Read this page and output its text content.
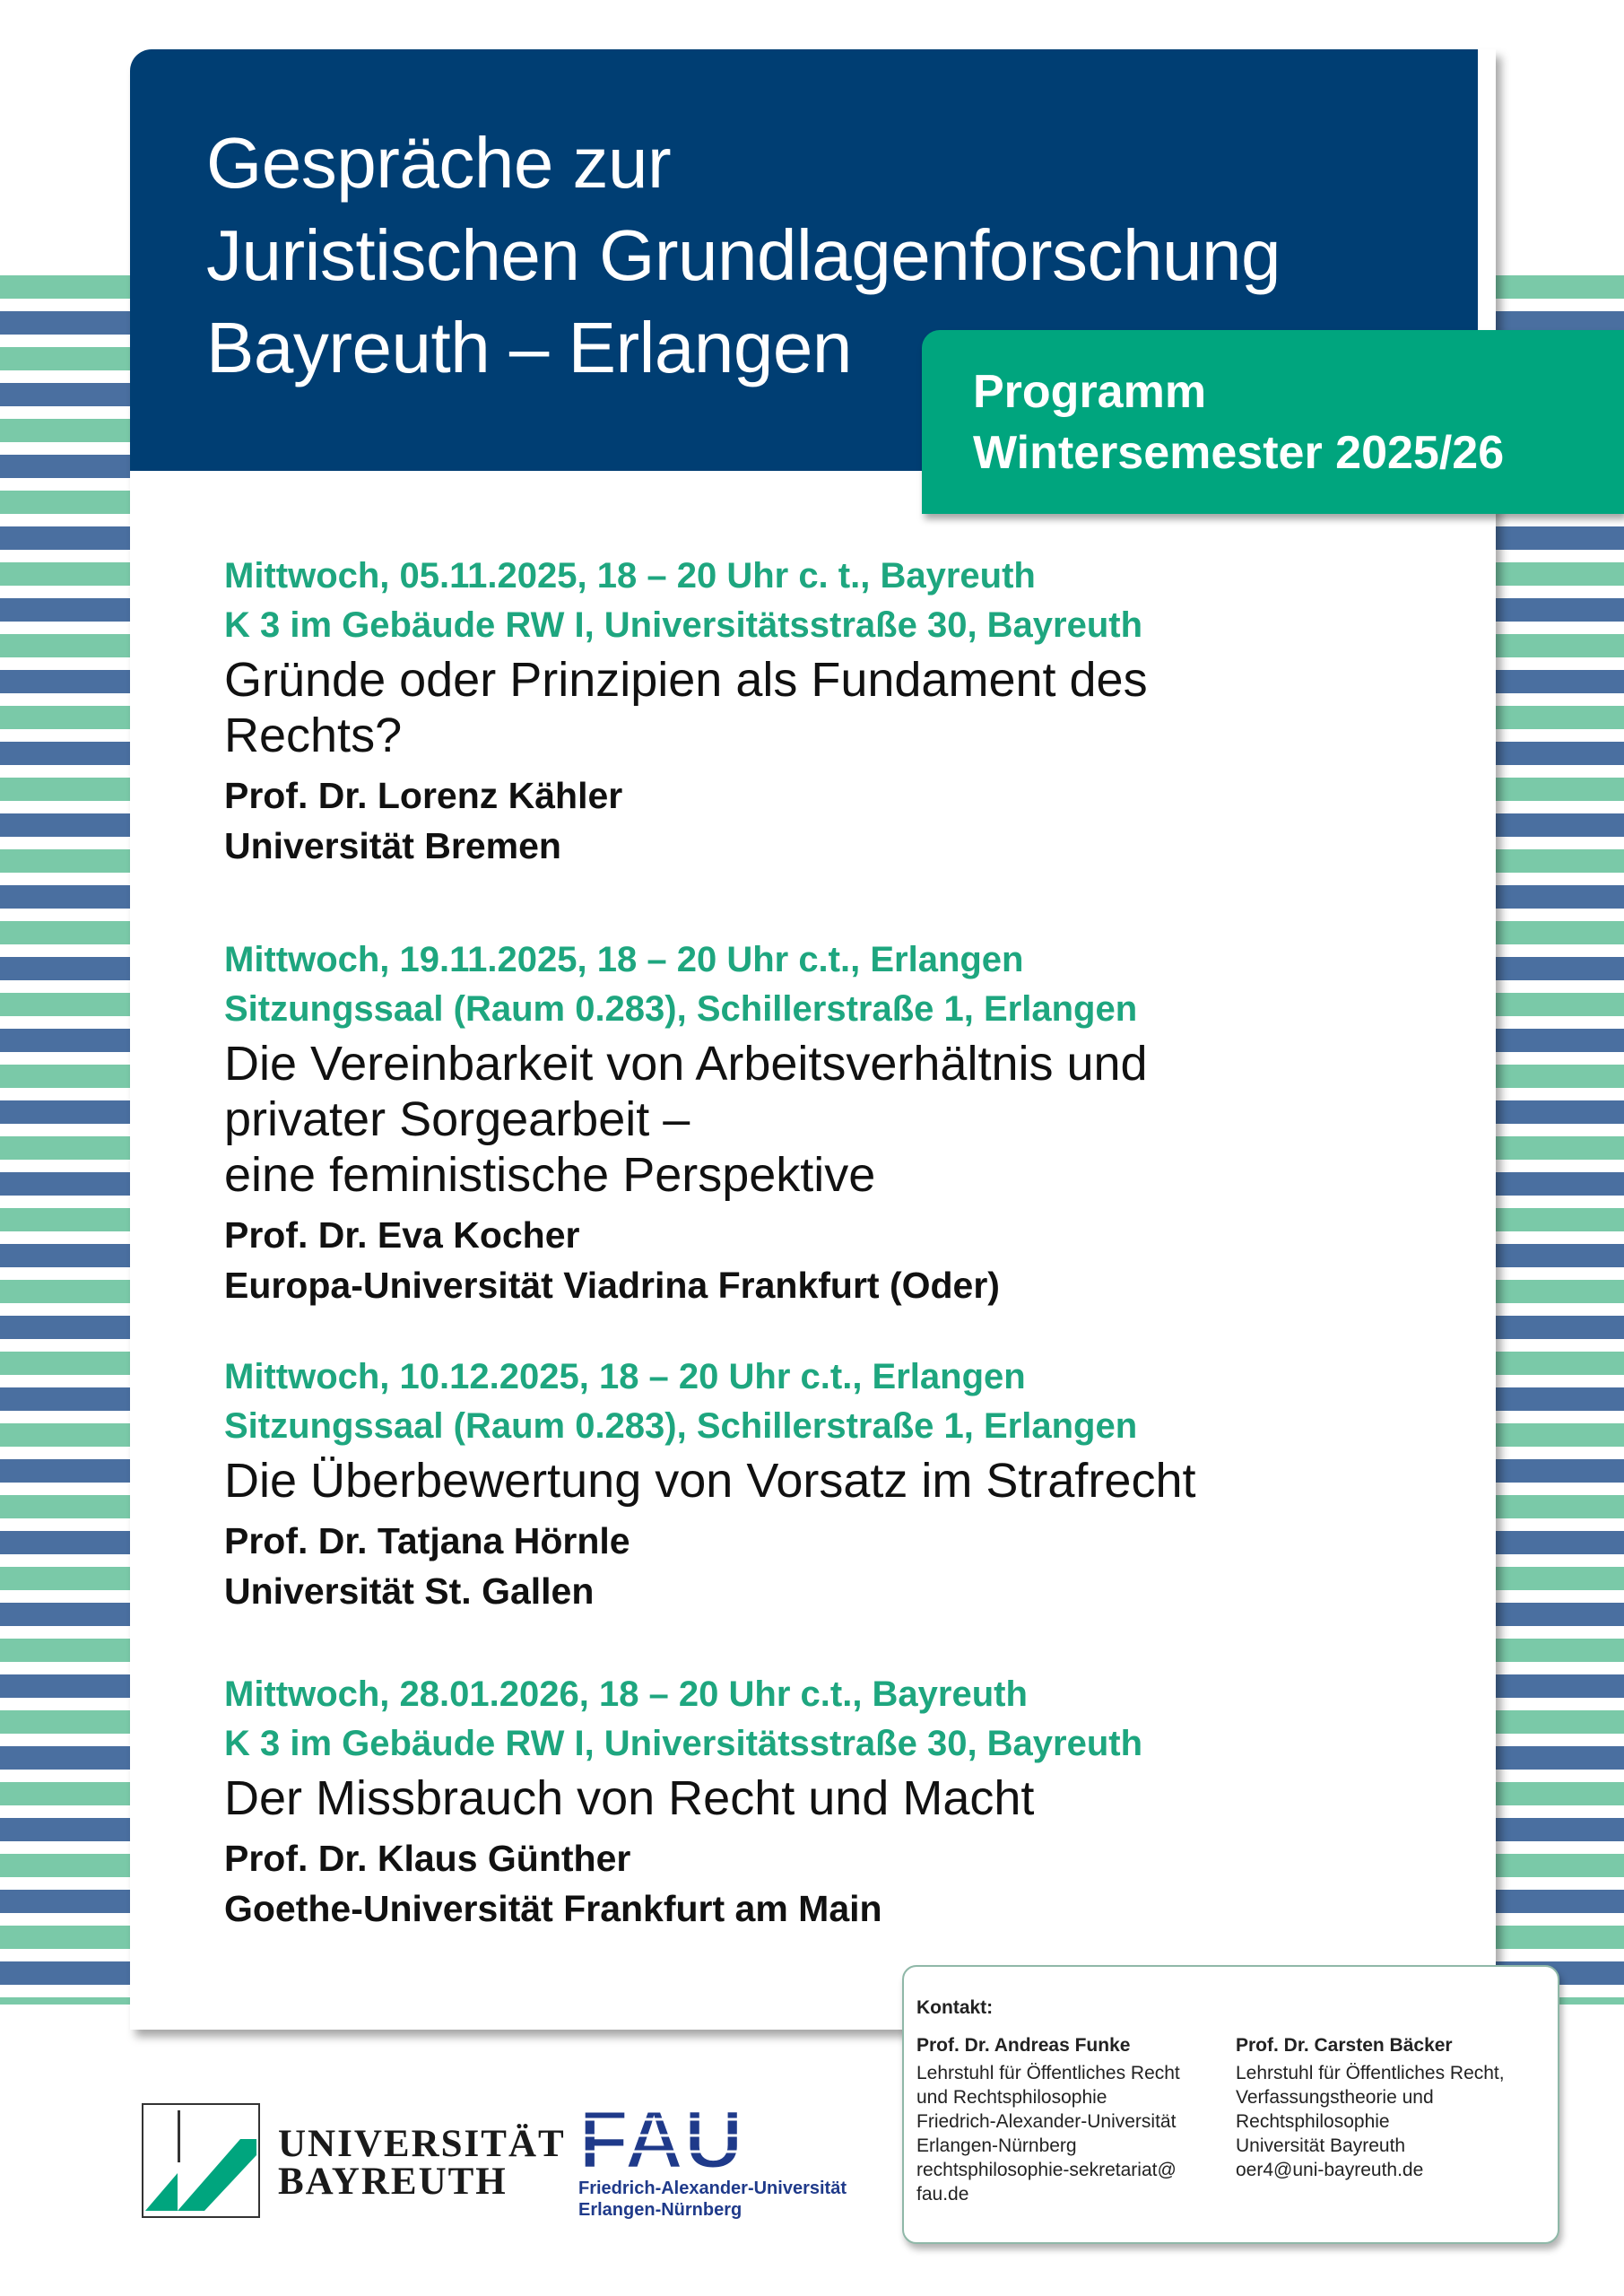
Gespräche zur
Juristischen Grundlagenforschung
Bayreuth – Erlangen
Programm
Wintersemester 2025/26
Mittwoch, 05.11.2025, 18 – 20 Uhr c. t., Bayreuth
K 3 im Gebäude RW I, Universitätsstraße 30, Bayreuth
Gründe oder Prinzipien als Fundament des
Rechts?
Prof. Dr. Lorenz Kähler
Universität Bremen
Mittwoch, 19.11.2025, 18 – 20 Uhr c.t., Erlangen
Sitzungssaal (Raum 0.283), Schillerstraße 1, Erlangen
Die Vereinbarkeit von Arbeitsverhältnis und
privater Sorgearbeit –
eine feministische Perspektive
Prof. Dr. Eva Kocher
Europa-Universität Viadrina Frankfurt (Oder)
Mittwoch, 10.12.2025, 18 – 20 Uhr c.t., Erlangen
Sitzungssaal (Raum 0.283), Schillerstraße 1, Erlangen
Die Überbewertung von Vorsatz im Strafrecht
Prof. Dr. Tatjana Hörnle
Universität St. Gallen
Mittwoch, 28.01.2026, 18 – 20 Uhr c.t., Bayreuth
K 3 im Gebäude RW I, Universitätsstraße 30, Bayreuth
Der Missbrauch von Recht und Macht
Prof. Dr. Klaus Günther
Goethe-Universität Frankfurt am Main
Kontakt:
Prof. Dr. Andreas Funke
Lehrstuhl für Öffentliches Recht
und Rechtsphilosophie
Friedrich-Alexander-Universität
Erlangen-Nürnberg
rechtsphilosophie-sekretariat@
fau.de
Prof. Dr. Carsten Bäcker
Lehrstuhl für Öffentliches Recht,
Verfassungstheorie und
Rechtsphilosophie
Universität Bayreuth
oer4@uni-bayreuth.de
UNIVERSITÄT
BAYREUTH FAU
Friedrich-Alexander-Universität
Erlangen-Nürnberg
